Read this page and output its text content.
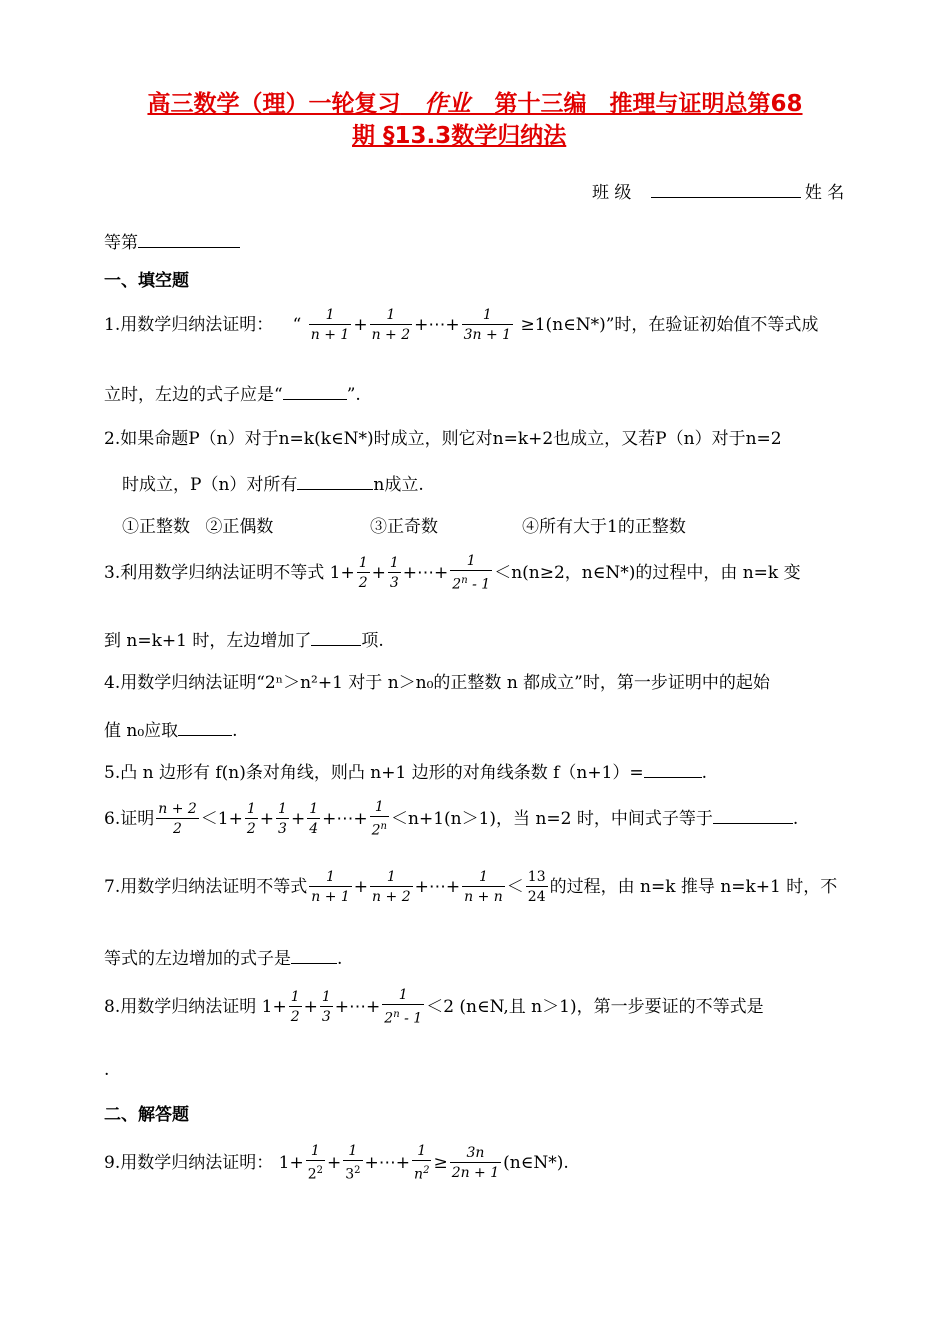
高三数学（理）一轮复习 作业 第十三编　推理与证明总第68
期 §13.3数学归纳法
班 级	姓 名
等第
一、填空题
1.用数学归纳法证明： “ $\frac{1}{n + 1} + \frac{1}{n + 2}$ +⋯+ $\frac{1}{3n + 1}$ ≥1(n∈N*)”时，在验证初始值不等式成
立时，左边的式子应是“	”.
2.如果命题P（n）对于n=k(k∈N*)时成立，则它对n=k+2也成立，又若P（n）对于n=2
时成立，P（n）对所有	n成立.
①正整数 ②正偶数	③正奇数	④所有大于1的正整数
3.利用数学归纳法证明不等式 $1+ \frac{1}{2} + \frac{1}{3}$ +⋯+ $\frac{1}{2^n - 1} <n(n\ge 2$，n∈N*)的过程中，由 n=k 变
到 n=k+1 时，左边增加了	项.
4.用数学归纳法证明“2ⁿ＞n²+1 对于 n＞n₀的正整数 n 都成立”时，第一步证明中的起始
值 n₀应取	.
5.凸 n 边形有 f(n)条对角线，则凸 n+1 边形的对角线条数 f（n+1）=	.
6.证明 $\frac{n + 2}{2} <1+ \frac{1}{2} + \frac{1}{3} + \frac{1}{4}$ +⋯+ $\frac{1}{2^n} <n+1(n>1)$，当 n=2 时，中间式子等于	.
7.用数学归纳法证明不等式 $\frac{1}{n + 1} + \frac{1}{n + 2}$ +⋯+ $\frac{1}{n + n} < \frac{13}{24}$ 的过程，由 n=k 推导 n=k+1 时，不
等式的左边增加的式子是	.
8.用数学归纳法证明 $1+ \frac{1}{2} + \frac{1}{3}$ +⋯+ $\frac{1}{2^n - 1} <2$ (n∈N,且 n＞1)，第一步要证的不等式是
.
二、解答题
9.用数学归纳法证明： $1+ \frac{1}{2^2} + \frac{1}{3^2}$ +⋯+ $\frac{1}{n^2} \ge \frac{3n}{2n + 1}$ (n∈N*).
